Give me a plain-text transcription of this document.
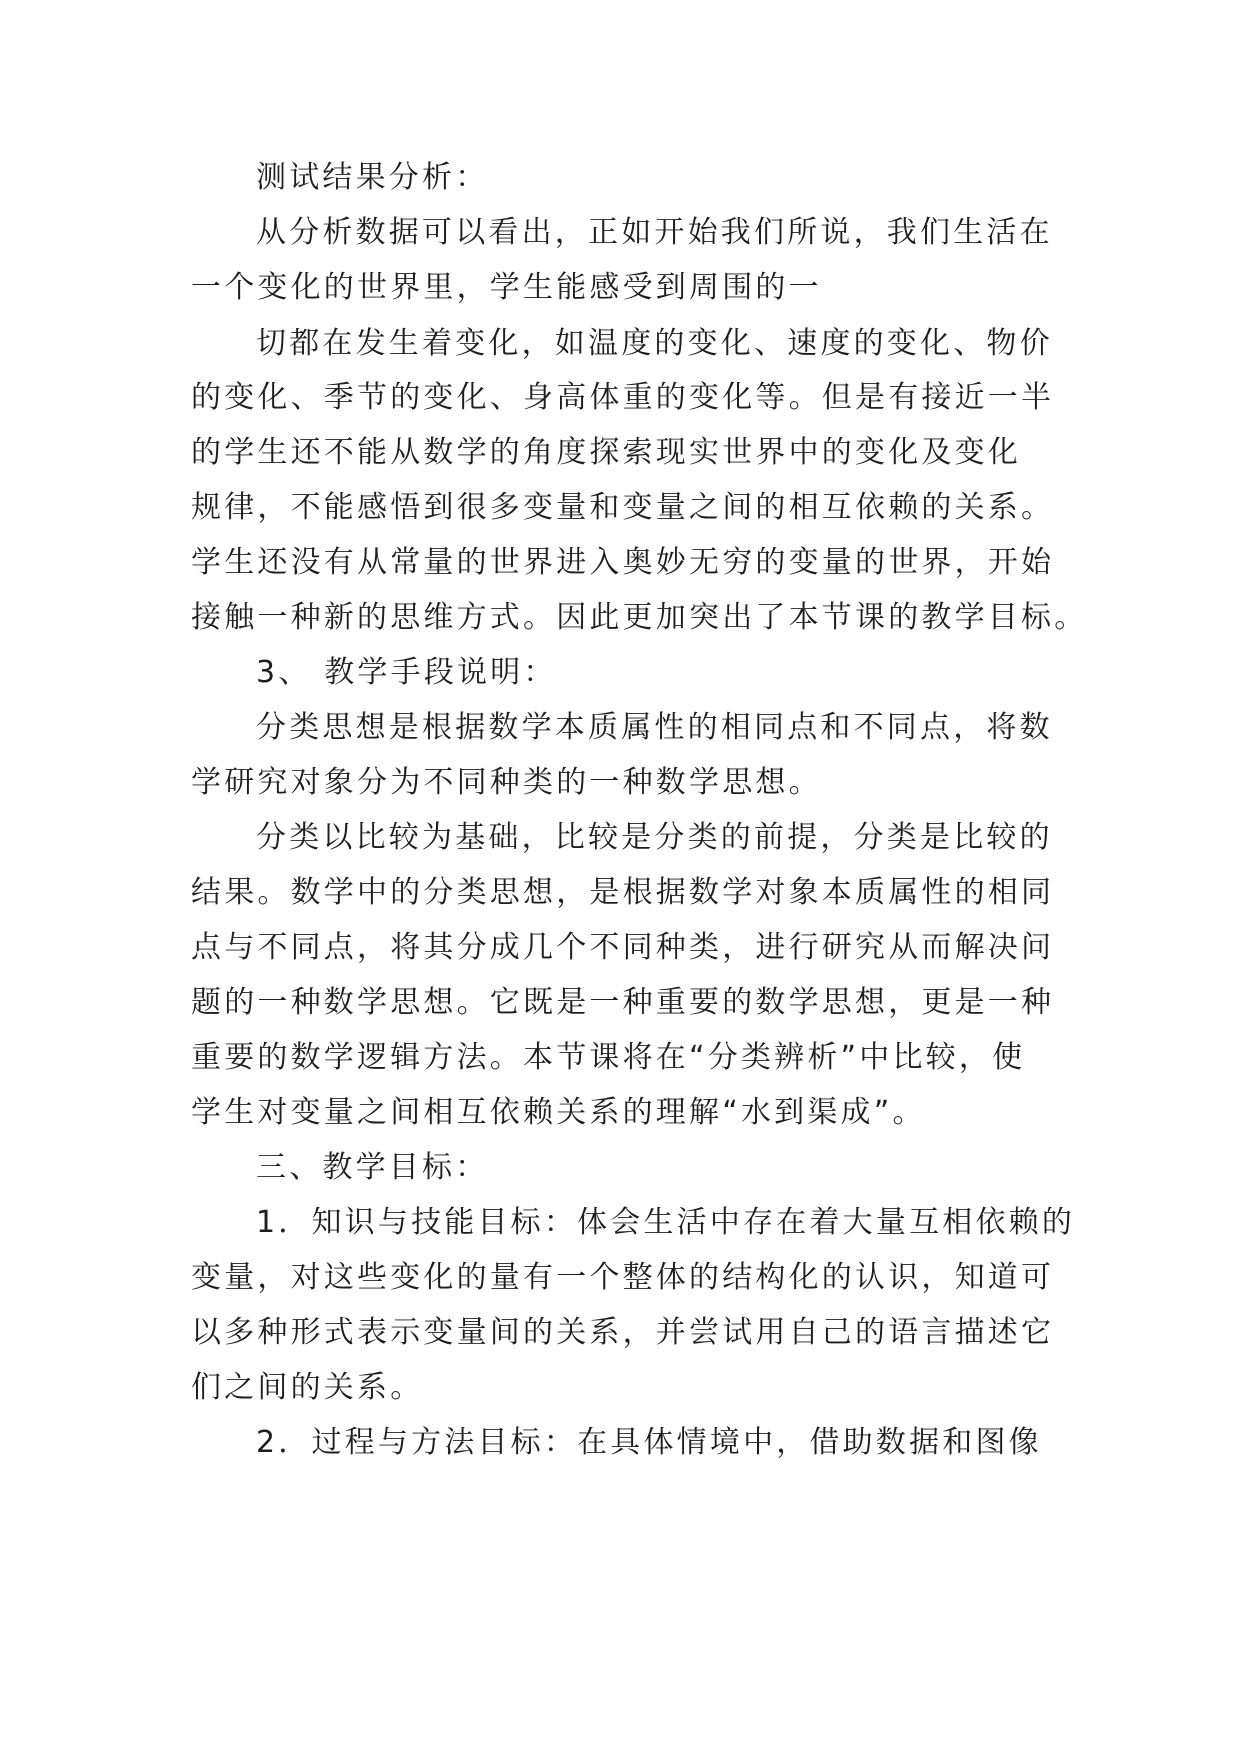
测试结果分析：
从分析数据可以看出，正如开始我们所说，我们生活在
一个变化的世界里，学生能感受到周围的一
切都在发生着变化，如温度的变化、速度的变化、物价
的变化、季节的变化、身高体重的变化等。但是有接近一半
的学生还不能从数学的角度探索现实世界中的变化及变化
规律，不能感悟到很多变量和变量之间的相互依赖的关系。
学生还没有从常量的世界进入奥妙无穷的变量的世界，开始
接触一种新的思维方式。因此更加突出了本节课的教学目标。
3、 教学手段说明：
分类思想是根据数学本质属性的相同点和不同点，将数
学研究对象分为不同种类的一种数学思想。
分类以比较为基础，比较是分类的前提，分类是比较的
结果。数学中的分类思想，是根据数学对象本质属性的相同
点与不同点，将其分成几个不同种类，进行研究从而解决问
题的一种数学思想。它既是一种重要的数学思想，更是一种
重要的数学逻辑方法。本节课将在“分类辨析”中比较，使
学生对变量之间相互依赖关系的理解“水到渠成”。
三、教学目标：
1．知识与技能目标：体会生活中存在着大量互相依赖的
变量，对这些变化的量有一个整体的结构化的认识，知道可
以多种形式表示变量间的关系，并尝试用自己的语言描述它
们之间的关系。
2．过程与方法目标：在具体情境中，借助数据和图像
